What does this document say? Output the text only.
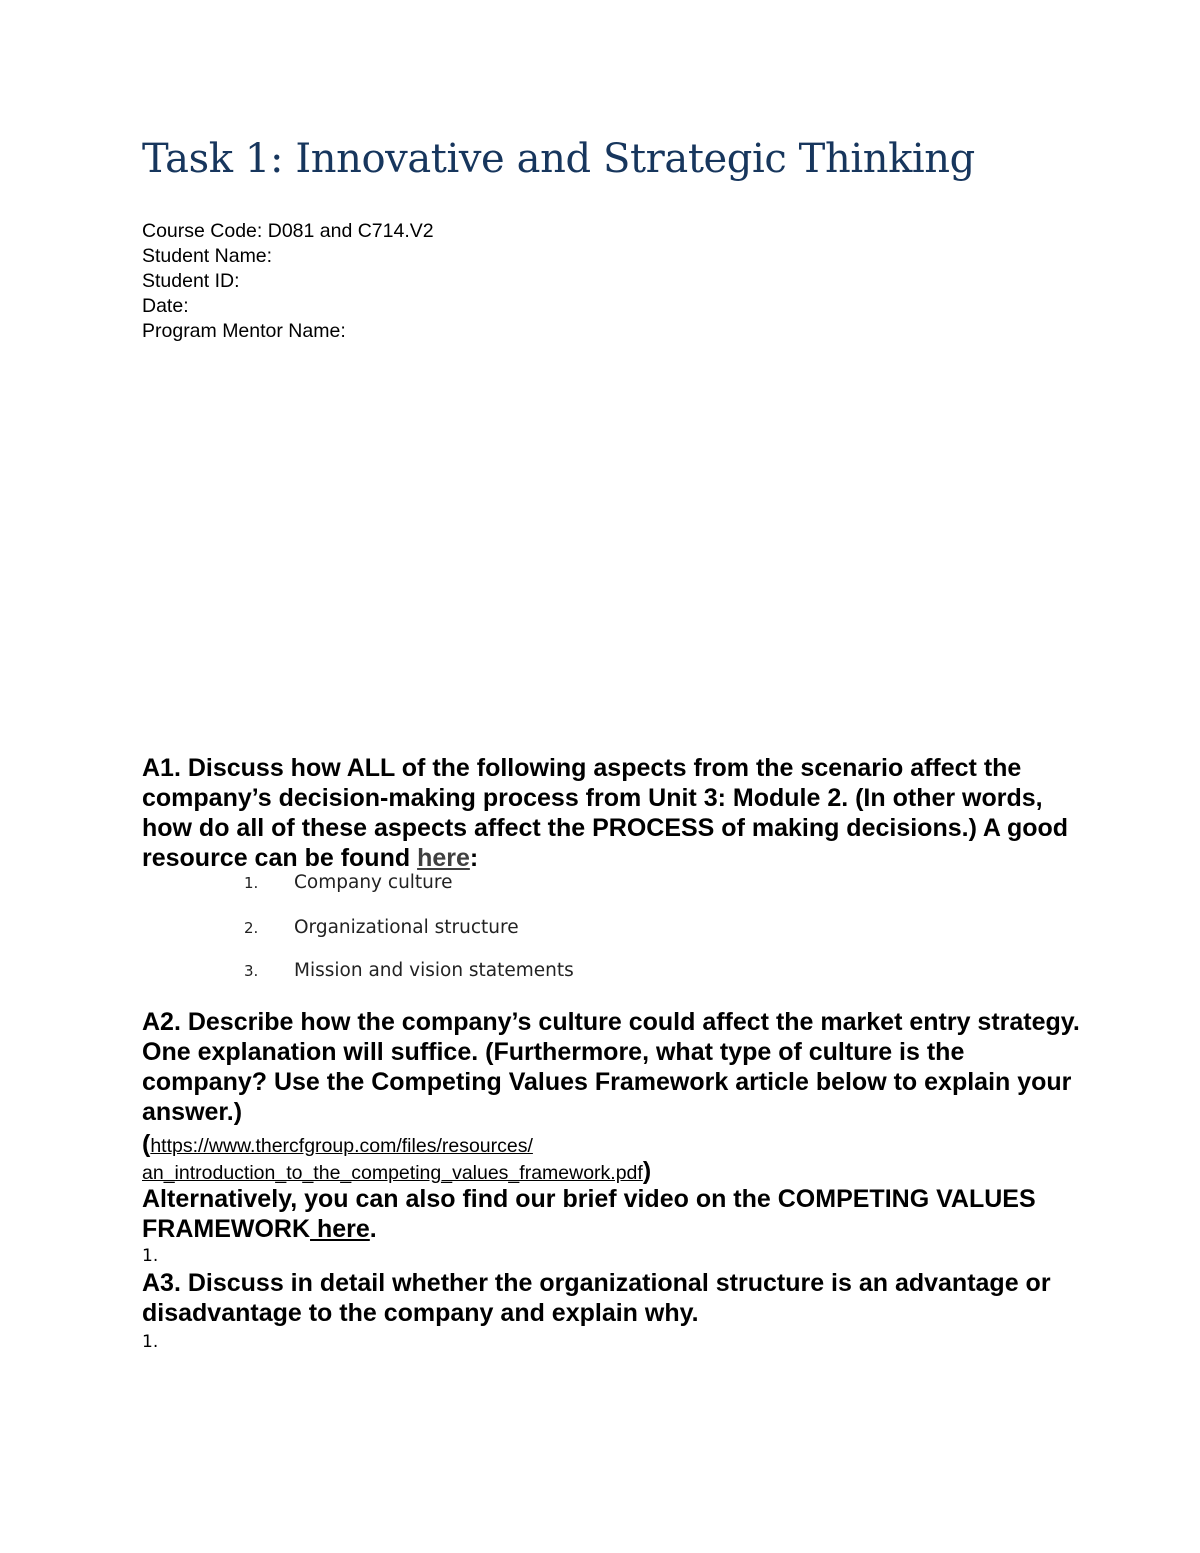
Task 1: Innovative and Strategic Thinking
Course Code: D081 and C714.V2
Student Name:
Student ID:
Date:
Program Mentor Name:

A1. Discuss how ALL of the following aspects from the scenario affect the company’s decision-making process from Unit 3: Module 2. (In other words, how do all of these aspects affect the PROCESS of making decisions.) A good resource can be found here:

1. Company culture
2. Organizational structure
3. Mission and vision statements

A2. Describe how the company’s culture could affect the market entry strategy. One explanation will suffice. (Furthermore, what type of culture is the company? Use the Competing Values Framework article below to explain your answer.)

(https://www.thercfgroup.com/files/resources/
an_introduction_to_the_competing_values_framework.pdf)

Alternatively, you can also find our brief video on the COMPETING VALUES FRAMEWORK here.

1.

A3. Discuss in detail whether the organizational structure is an advantage or disadvantage to the company and explain why.

1.
